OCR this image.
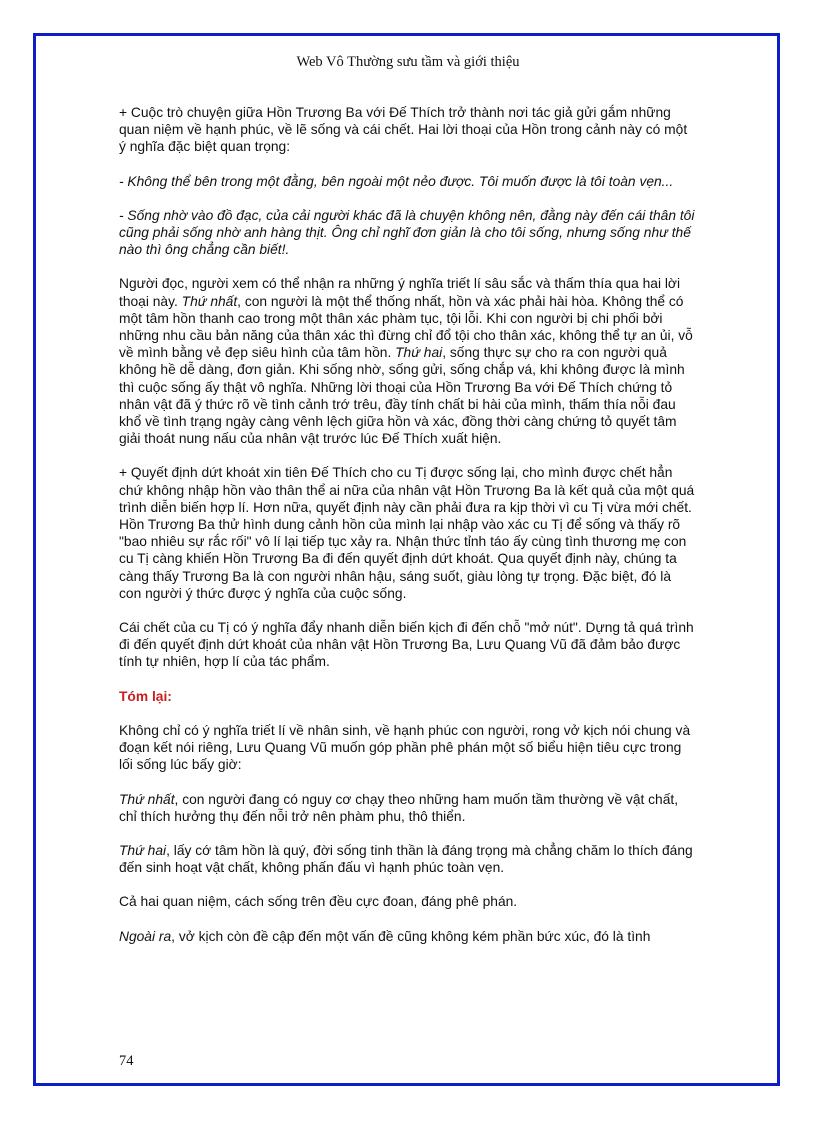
Web Vô Thường sưu tầm và giới thiệu

+ Cuộc trò chuyện giữa Hồn Trương Ba với Đế Thích trở thành nơi tác giả gửi gắm những quan niệm về hạnh phúc, về lẽ sống và cái chết. Hai lời thoại của Hồn trong cảnh này có một ý nghĩa đặc biệt quan trọng:

- Không thể bên trong một đằng, bên ngoài một nẻo được. Tôi muốn được là tôi toàn vẹn...

- Sống nhờ vào đồ đạc, của cải người khác đã là chuyện không nên, đằng này đến cái thân tôi cũng phải sống nhờ anh hàng thịt. Ông chỉ nghĩ đơn giản là cho tôi sống, nhưng sống như thế nào thì ông chẳng cần biết!.

Người đọc, người xem có thể nhận ra những ý nghĩa triết lí sâu sắc và thấm thía qua hai lời thoại này. Thứ nhất, con người là một thể thống nhất, hồn và xác phải hài hòa. Không thể có một tâm hồn thanh cao trong một thân xác phàm tục, tội lỗi. Khi con người bị chi phối bởi những nhu cầu bản năng của thân xác thì đừng chỉ đổ tội cho thân xác, không thể tự an ủi, vỗ về mình bằng vẻ đẹp siêu hình của tâm hồn. Thứ hai, sống thực sự cho ra con người quả không hề dễ dàng, đơn giản. Khi sống nhờ, sống gửi, sống chắp vá, khi không được là mình thì cuộc sống ấy thật vô nghĩa. Những lời thoại của Hồn Trương Ba với Đế Thích chứng tỏ nhân vật đã ý thức rõ về tình cảnh trớ trêu, đầy tính chất bi hài của mình, thấm thía nỗi đau khổ về tình trạng ngày càng vênh lệch giữa hồn và xác, đồng thời càng chứng tỏ quyết tâm giải thoát nung nấu của nhân vật trước lúc Đế Thích xuất hiện.

+ Quyết định dứt khoát xin tiên Đế Thích cho cu Tị được sống lại, cho mình được chết hẳn chứ không nhập hồn vào thân thể ai nữa của nhân vật Hồn Trương Ba là kết quả của một quá trình diễn biến hợp lí. Hơn nữa, quyết định này cần phải đưa ra kịp thời vì cu Tị vừa mới chết. Hồn Trương Ba thử hình dung cảnh hồn của mình lại nhập vào xác cu Tị để sống và thấy rõ "bao nhiêu sự rắc rối" vô lí lại tiếp tục xảy ra. Nhận thức tỉnh táo ấy cùng tình thương mẹ con cu Tị càng khiến Hồn Trương Ba đi đến quyết định dứt khoát. Qua quyết định này, chúng ta càng thấy Trương Ba là con người nhân hậu, sáng suốt, giàu lòng tự trọng. Đặc biệt, đó là con người ý thức được ý nghĩa của cuộc sống.

Cái chết của cu Tị có ý nghĩa đẩy nhanh diễn biến kịch đi đến chỗ "mở nút". Dựng tả quá trình đi đến quyết định dứt khoát của nhân vật Hồn Trương Ba, Lưu Quang Vũ đã đảm bảo được tính tự nhiên, hợp lí của tác phẩm.

Tóm lại:

Không chỉ có ý nghĩa triết lí về nhân sinh, về hạnh phúc con người, rong vở kịch nói chung và đoạn kết nói riêng, Lưu Quang Vũ muốn góp phần phê phán một số biểu hiện tiêu cực trong lối sống lúc bấy giờ:

Thứ nhất, con người đang có nguy cơ chạy theo những ham muốn tầm thường về vật chất, chỉ thích hưởng thụ đến nỗi trở nên phàm phu, thô thiển.

Thứ hai, lấy cớ tâm hồn là quý, đời sống tinh thần là đáng trọng mà chẳng chăm lo thích đáng đến sinh hoạt vật chất, không phấn đấu vì hạnh phúc toàn vẹn.

Cả hai quan niệm, cách sống trên đều cực đoan, đáng phê phán.

Ngoài ra, vở kịch còn đề cập đến một vấn đề cũng không kém phần bức xúc, đó là tình

74
